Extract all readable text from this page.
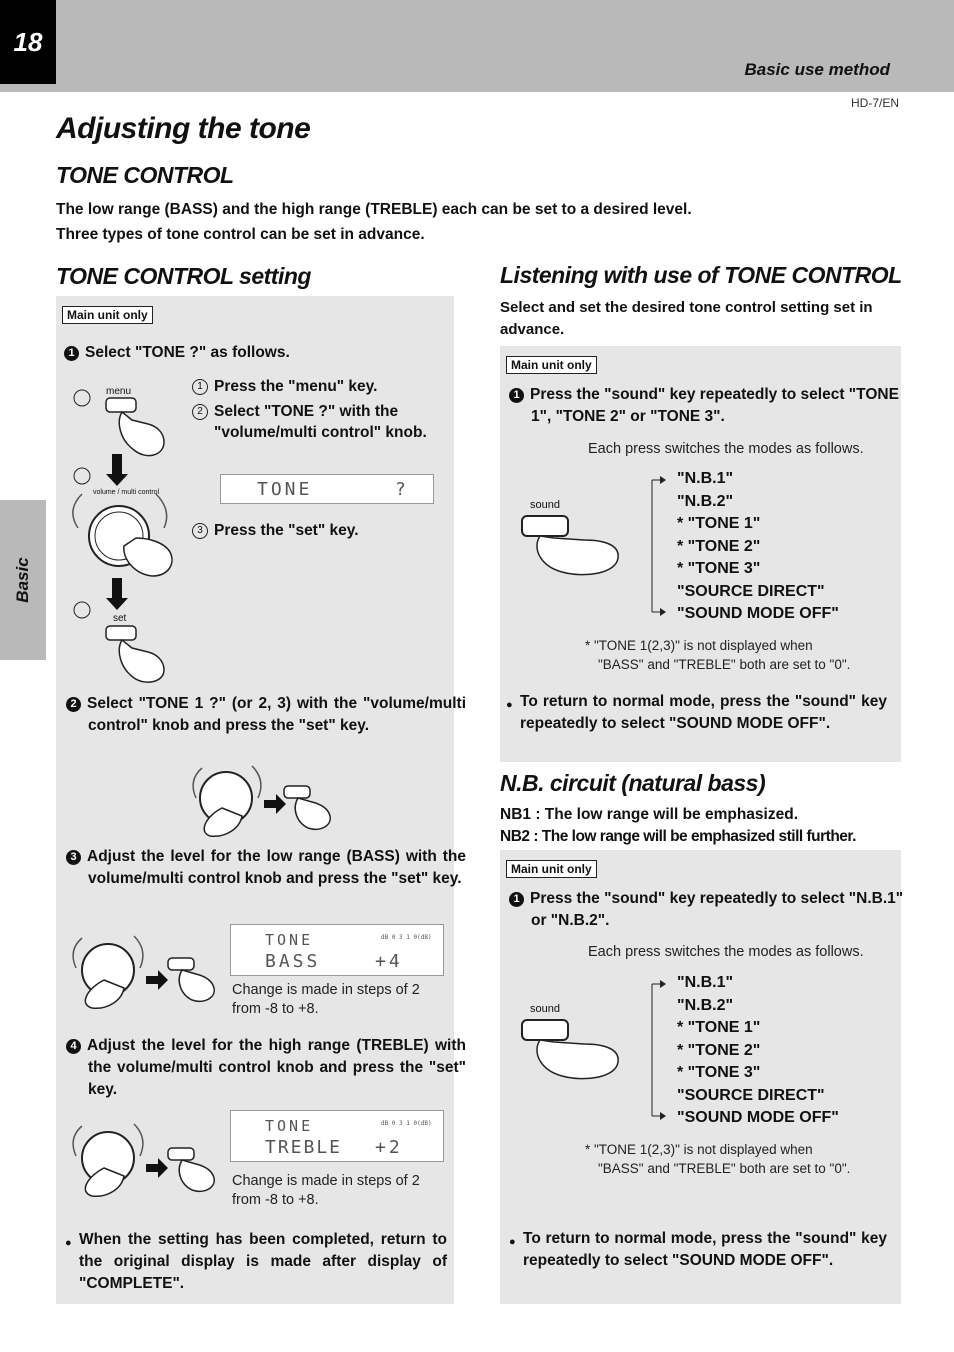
18
Basic use method
HD-7/EN
Basic
Adjusting the tone
TONE CONTROL
The low range (BASS) and the high range (TREBLE) each can be set to a desired level.
Three types of tone control can be set in advance.
TONE CONTROL setting
Main unit only
1 Select "TONE ?" as follows.
menu
volume / multi control
set
1 Press the "menu" key.
2 Select "TONE ?" with the "volume/multi control" knob.
TONE	?
3 Press the "set" key.
2 Select "TONE 1 ?" (or 2, 3) with the "volume/multi control" knob and press the "set" key.
3 Adjust the level for the low range (BASS) with the volume/multi control knob and press the "set" key.
TONE	dB 0 3 1 0(dB)
BASS	+4
Change is made in steps of 2 from -8 to +8.
4 Adjust the level for the high range (TREBLE) with the volume/multi control knob and press the "set" key.
TONE	dB 0 3 1 0(dB)
TREBLE +2
Change is made in steps of 2 from -8 to +8.
● When the setting has been completed, return to the original display is made after display of "COMPLETE".
Listening with use of TONE CONTROL
Select and set the desired tone control setting set in advance.
Main unit only
1 Press the "sound" key repeatedly to select "TONE 1", "TONE 2" or "TONE 3".
Each press switches the modes as follows.
sound
"N.B.1"
"N.B.2"
* "TONE 1"
* "TONE 2"
* "TONE 3"
"SOURCE DIRECT"
"SOUND MODE OFF"
* "TONE 1(2,3)" is not displayed when
"BASS" and "TREBLE" both are set to "0".
● To return to normal mode, press the "sound" key repeatedly to select "SOUND MODE OFF".
N.B. circuit (natural bass)
NB1 : The low range will be emphasized.
NB2 : The low range will be emphasized still further.
Main unit only
1 Press the "sound" key repeatedly to select "N.B.1" or "N.B.2".
Each press switches the modes as follows.
sound
"N.B.1"
"N.B.2"
* "TONE 1"
* "TONE 2"
* "TONE 3"
"SOURCE DIRECT"
"SOUND MODE OFF"
* "TONE 1(2,3)" is not displayed when
"BASS" and "TREBLE" both are set to "0".
● To return to normal mode, press the "sound" key repeatedly to select "SOUND MODE OFF".
